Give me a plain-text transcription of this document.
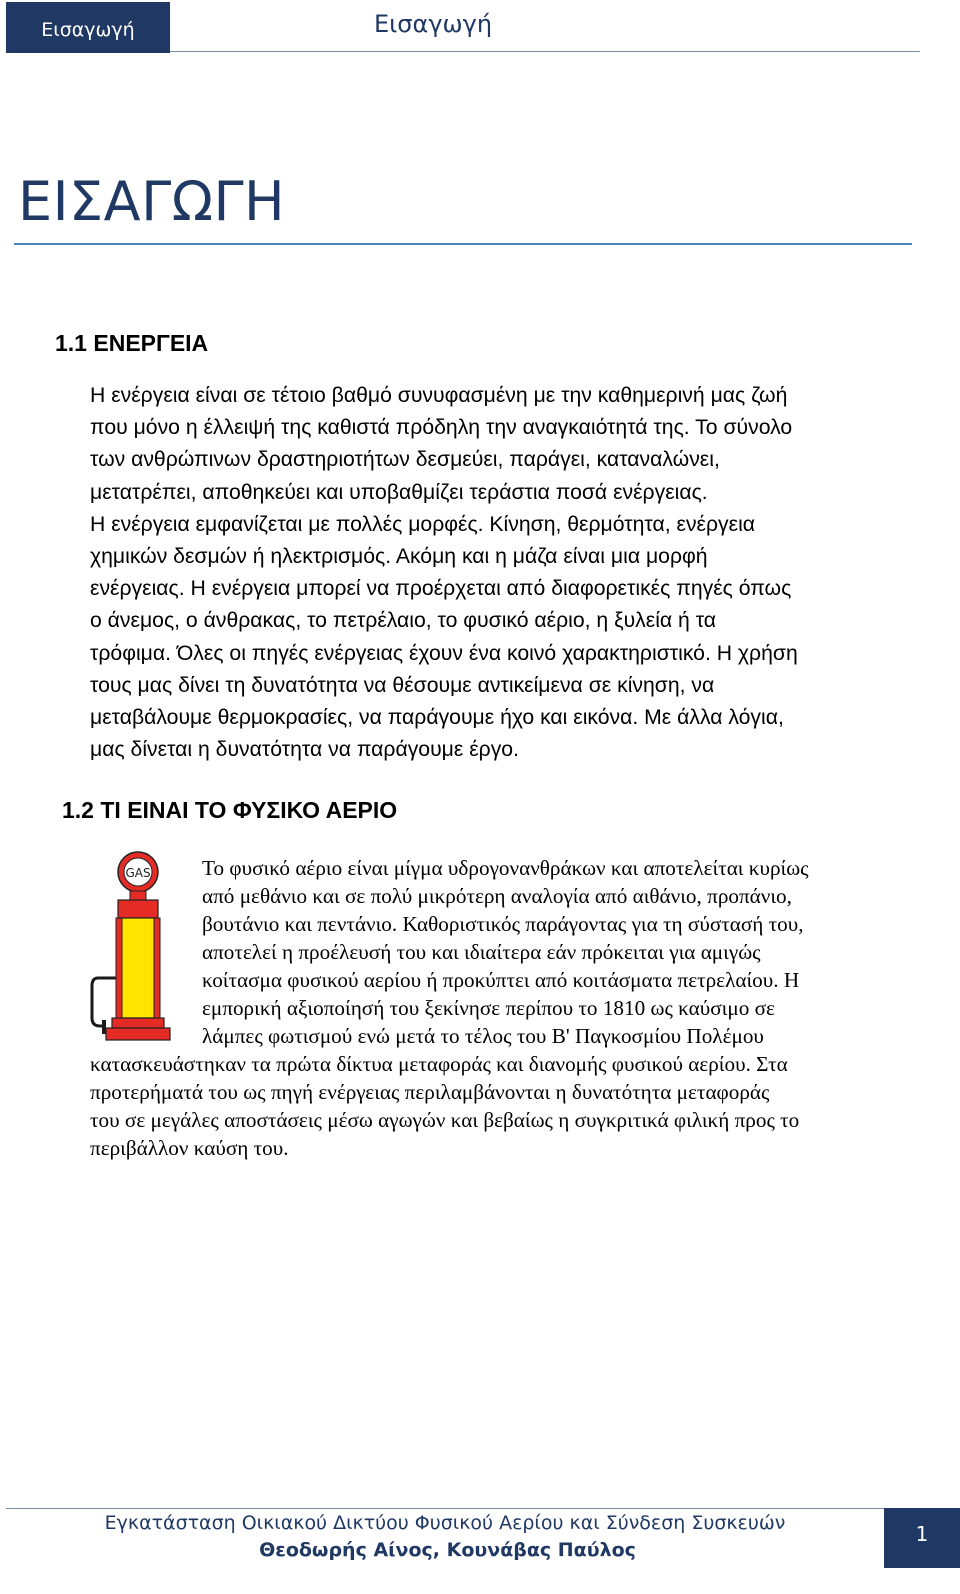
Εισαγωγή	Εισαγωγή
ΕΙΣΑΓΩΓΗ
1.1 ΕΝΕΡΓΕΙΑ
Η ενέργεια είναι σε τέτοιο βαθμό συνυφασμένη με την καθημερινή μας ζωή
που μόνο η έλλειψή της καθιστά πρόδηλη την αναγκαιότητά της. Το σύνολο
των ανθρώπινων δραστηριοτήτων δεσμεύει, παράγει, καταναλώνει,
μετατρέπει, αποθηκεύει και υποβαθμίζει τεράστια ποσά ενέργειας.
Η ενέργεια εμφανίζεται με πολλές μορφές. Κίνηση, θερμότητα, ενέργεια
χημικών δεσμών ή ηλεκτρισμός. Ακόμη και η μάζα είναι μια μορφή
ενέργειας. Η ενέργεια μπορεί να προέρχεται από διαφορετικές πηγές όπως
ο άνεμος, ο άνθρακας, το πετρέλαιο, το φυσικό αέριο, η ξυλεία ή τα
τρόφιμα. Όλες οι πηγές ενέργειας έχουν ένα κοινό χαρακτηριστικό. Η χρήση
τους μας δίνει τη δυνατότητα να θέσουμε αντικείμενα σε κίνηση, να
μεταβάλουμε θερμοκρασίες, να παράγουμε ήχο και εικόνα. Με άλλα λόγια,
μας δίνεται η δυνατότητα να παράγουμε έργο.
1.2 ΤΙ ΕΙΝΑΙ ΤΟ ΦΥΣΙΚΟ ΑΕΡΙΟ
GAS	Το φυσικό αέριο είναι μίγμα υδρογονανθράκων και αποτελείται κυρίως
από μεθάνιο και σε πολύ μικρότερη αναλογία από αιθάνιο, προπάνιο,
βουτάνιο και πεντάνιο. Καθοριστικός παράγοντας για τη σύστασή του,
αποτελεί η προέλευσή του και ιδιαίτερα εάν πρόκειται για αμιγώς
κοίτασμα φυσικού αερίου ή προκύπτει από κοιτάσματα πετρελαίου. Η
εμπορική αξιοποίησή του ξεκίνησε περίπου το 1810 ως καύσιμο σε
λάμπες φωτισμού ενώ μετά το τέλος του Β' Παγκοσμίου Πολέμου
κατασκευάστηκαν τα πρώτα δίκτυα μεταφοράς και διανομής φυσικού αερίου. Στα
προτερήματά του ως πηγή ενέργειας περιλαμβάνονται η δυνατότητα μεταφοράς
του σε μεγάλες αποστάσεις μέσω αγωγών και βεβαίως η συγκριτικά φιλική προς το
περιβάλλον καύση του.
Εγκατάσταση Οικιακού Δικτύου Φυσικού Αερίου και Σύνδεση Συσκευών
Θεοδωρής Αίνος, Κουνάβας Παύλος
1
